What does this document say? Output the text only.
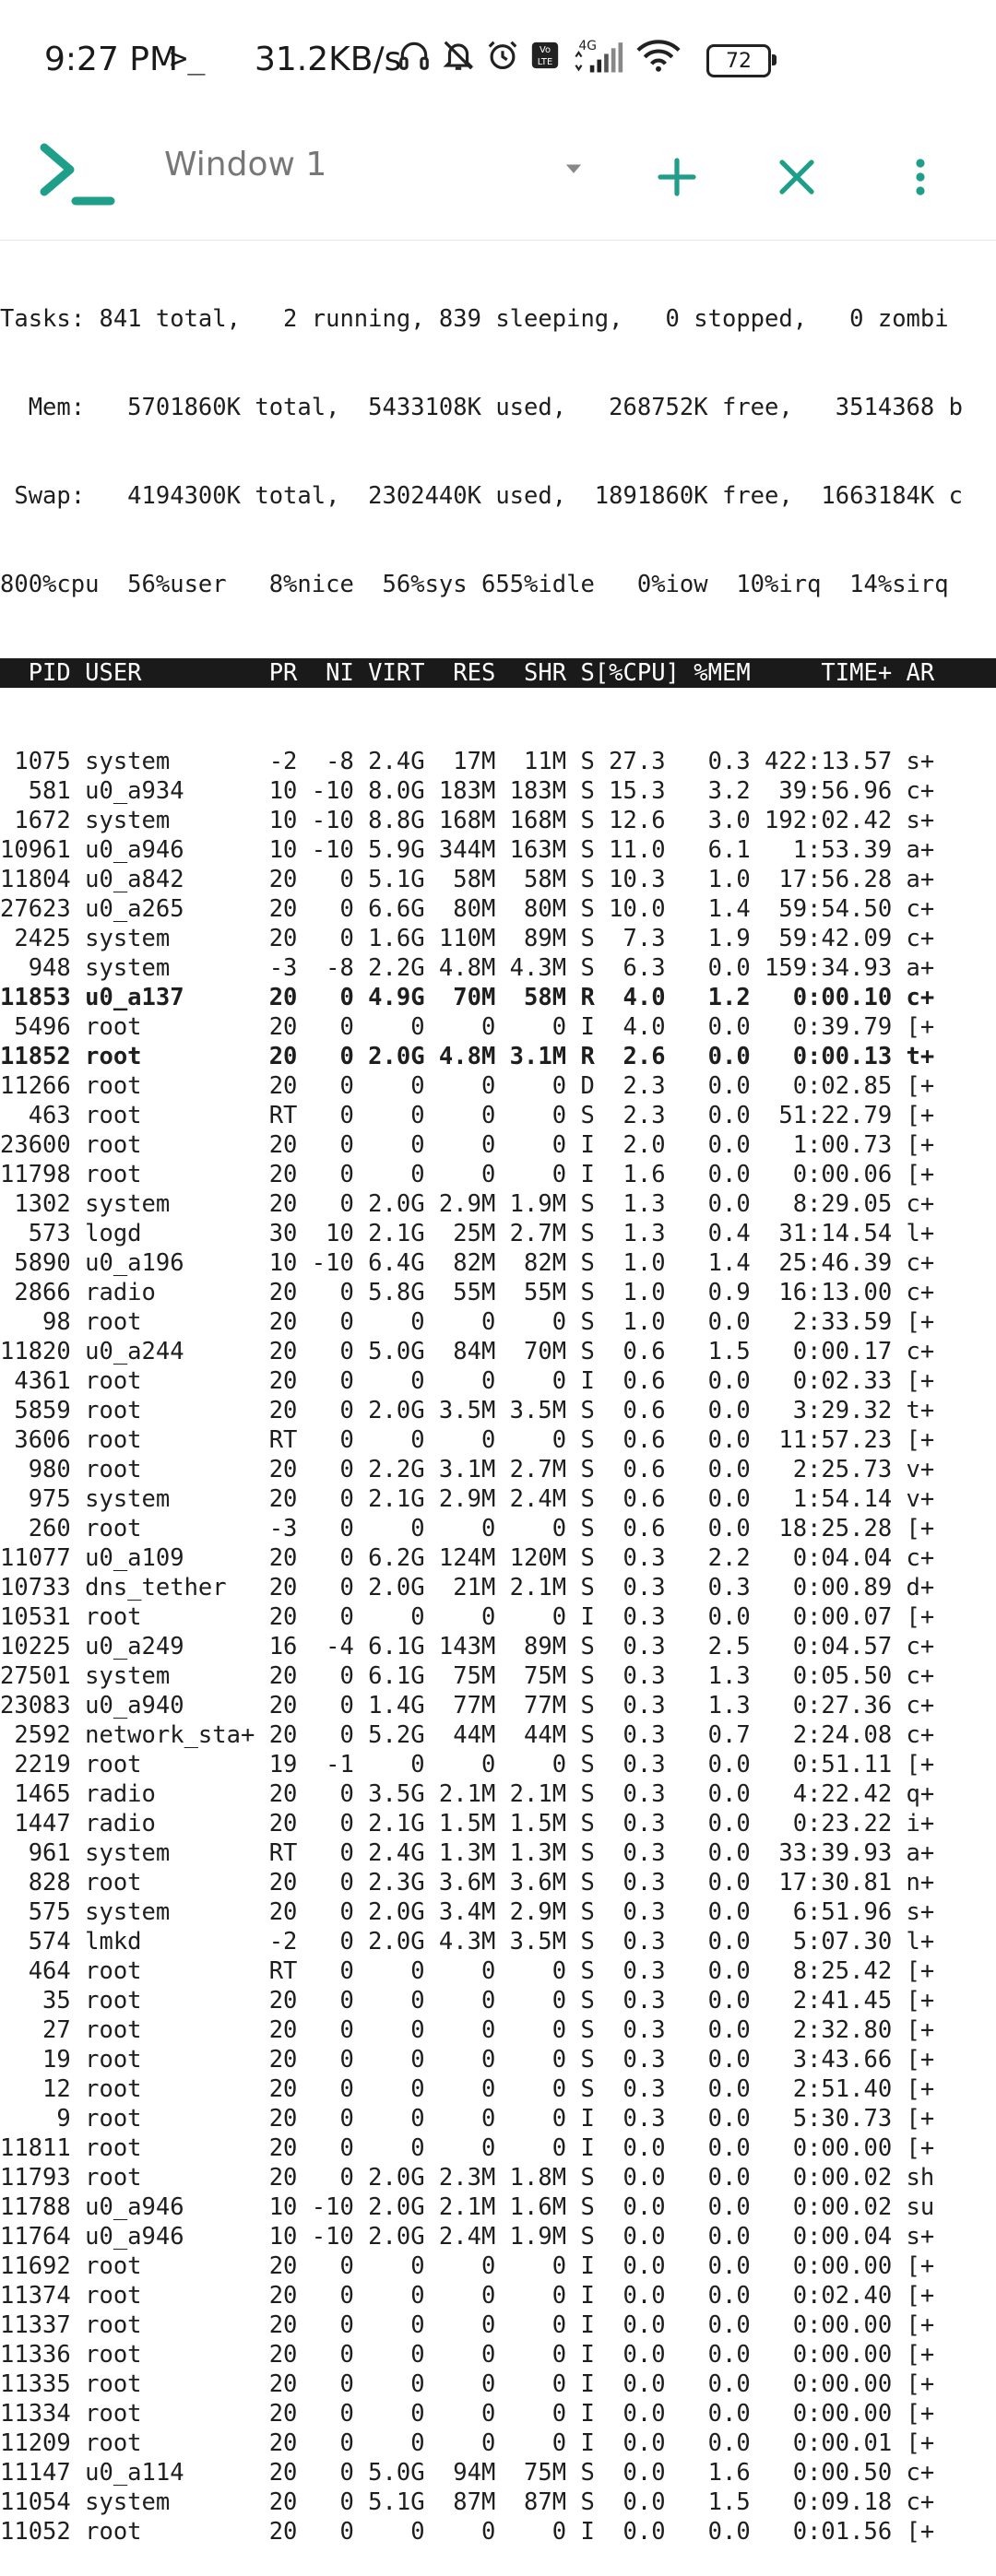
9:27 PM
>_ 31.2KB/s	Vo
LTE
4G
72
Window 1

Tasks: 841 total,   2 running, 839 sleeping,   0 stopped,   0 zombi

Mem:   5701860K total,  5433108K used,   268752K free,   3514368 b

Swap:   4194300K total,  2302440K used,  1891860K free,  1663184K c

800%cpu  56%user   8%nice  56%sys 655%idle   0%iow  10%irq  14%sirq

PID USER         PR  NI VIRT  RES  SHR S[%CPU] %MEM     TIME+ AR

1075 system       -2  -8 2.4G  17M  11M S 27.3   0.3 422:13.57 s+
581 u0_a934      10 -10 8.0G 183M 183M S 15.3   3.2  39:56.96 c+
1672 system       10 -10 8.8G 168M 168M S 12.6   3.0 192:02.42 s+
10961 u0_a946      10 -10 5.9G 344M 163M S 11.0   6.1   1:53.39 a+
11804 u0_a842      20   0 5.1G  58M  58M S 10.3   1.0  17:56.28 a+
27623 u0_a265      20   0 6.6G  80M  80M S 10.0   1.4  59:54.50 c+
2425 system       20   0 1.6G 110M  89M S  7.3   1.9  59:42.09 c+
948 system       -3  -8 2.2G 4.8M 4.3M S  6.3   0.0 159:34.93 a+
11853 u0_a137      20   0 4.9G  70M  58M R  4.0   1.2   0:00.10 c+
5496 root         20   0    0    0    0 I  4.0   0.0   0:39.79 [+
11852 root         20   0 2.0G 4.8M 3.1M R  2.6   0.0   0:00.13 t+
11266 root         20   0    0    0    0 D  2.3   0.0   0:02.85 [+
463 root         RT   0    0    0    0 S  2.3   0.0  51:22.79 [+
23600 root         20   0    0    0    0 I  2.0   0.0   1:00.73 [+
11798 root         20   0    0    0    0 I  1.6   0.0   0:00.06 [+
1302 system       20   0 2.0G 2.9M 1.9M S  1.3   0.0   8:29.05 c+
573 logd         30  10 2.1G  25M 2.7M S  1.3   0.4  31:14.54 l+
5890 u0_a196      10 -10 6.4G  82M  82M S  1.0   1.4  25:46.39 c+
2866 radio        20   0 5.8G  55M  55M S  1.0   0.9  16:13.00 c+
98 root         20   0    0    0    0 S  1.0   0.0   2:33.59 [+
11820 u0_a244      20   0 5.0G  84M  70M S  0.6   1.5   0:00.17 c+
4361 root         20   0    0    0    0 I  0.6   0.0   0:02.33 [+
5859 root         20   0 2.0G 3.5M 3.5M S  0.6   0.0   3:29.32 t+
3606 root         RT   0    0    0    0 S  0.6   0.0  11:57.23 [+
980 root         20   0 2.2G 3.1M 2.7M S  0.6   0.0   2:25.73 v+
975 system       20   0 2.1G 2.9M 2.4M S  0.6   0.0   1:54.14 v+
260 root         -3   0    0    0    0 S  0.6   0.0  18:25.28 [+
11077 u0_a109      20   0 6.2G 124M 120M S  0.3   2.2   0:04.04 c+
10733 dns_tether   20   0 2.0G  21M 2.1M S  0.3   0.3   0:00.89 d+
10531 root         20   0    0    0    0 I  0.3   0.0   0:00.07 [+
10225 u0_a249      16  -4 6.1G 143M  89M S  0.3   2.5   0:04.57 c+
27501 system       20   0 6.1G  75M  75M S  0.3   1.3   0:05.50 c+
23083 u0_a940      20   0 1.4G  77M  77M S  0.3   1.3   0:27.36 c+
2592 network_sta+ 20   0 5.2G  44M  44M S  0.3   0.7   2:24.08 c+
2219 root         19  -1    0    0    0 S  0.3   0.0   0:51.11 [+
1465 radio        20   0 3.5G 2.1M 2.1M S  0.3   0.0   4:22.42 q+
1447 radio        20   0 2.1G 1.5M 1.5M S  0.3   0.0   0:23.22 i+
961 system       RT   0 2.4G 1.3M 1.3M S  0.3   0.0  33:39.93 a+
828 root         20   0 2.3G 3.6M 3.6M S  0.3   0.0  17:30.81 n+
575 system       20   0 2.0G 3.4M 2.9M S  0.3   0.0   6:51.96 s+
574 lmkd         -2   0 2.0G 4.3M 3.5M S  0.3   0.0   5:07.30 l+
464 root         RT   0    0    0    0 S  0.3   0.0   8:25.42 [+
35 root         20   0    0    0    0 S  0.3   0.0   2:41.45 [+
27 root         20   0    0    0    0 S  0.3   0.0   2:32.80 [+
19 root         20   0    0    0    0 S  0.3   0.0   3:43.66 [+
12 root         20   0    0    0    0 S  0.3   0.0   2:51.40 [+
9 root         20   0    0    0    0 I  0.3   0.0   5:30.73 [+
11811 root         20   0    0    0    0 I  0.0   0.0   0:00.00 [+
11793 root         20   0 2.0G 2.3M 1.8M S  0.0   0.0   0:00.02 sh
11788 u0_a946      10 -10 2.0G 2.1M 1.6M S  0.0   0.0   0:00.02 su
11764 u0_a946      10 -10 2.0G 2.4M 1.9M S  0.0   0.0   0:00.04 s+
11692 root         20   0    0    0    0 I  0.0   0.0   0:00.00 [+
11374 root         20   0    0    0    0 I  0.0   0.0   0:02.40 [+
11337 root         20   0    0    0    0 I  0.0   0.0   0:00.00 [+
11336 root         20   0    0    0    0 I  0.0   0.0   0:00.00 [+
11335 root         20   0    0    0    0 I  0.0   0.0   0:00.00 [+
11334 root         20   0    0    0    0 I  0.0   0.0   0:00.00 [+
11209 root         20   0    0    0    0 I  0.0   0.0   0:00.01 [+
11147 u0_a114      20   0 5.0G  94M  75M S  0.0   1.6   0:00.50 c+
11054 system       20   0 5.1G  87M  87M S  0.0   1.5   0:09.18 c+
11052 root         20   0    0    0    0 I  0.0   0.0   0:01.56 [+
